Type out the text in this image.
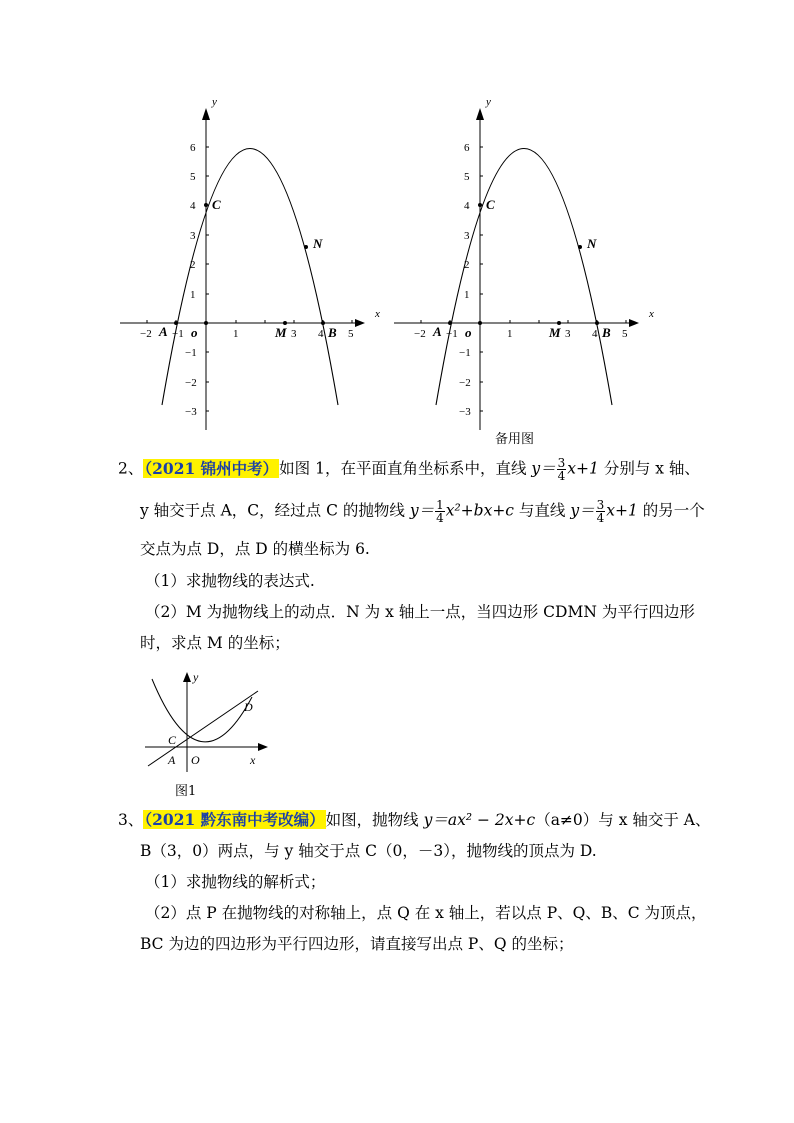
y
x
6
5
4
3
2
1
−1
−2
−3
−2 −1	1	3 4 5
o
C
A	M	B
N
y
x
6
5
4
3
2
1
−1
−2
−3
−2 −1	1	3 4 5
o
C
A	M	B
N
备用图
2、（2021 锦州中考）如图 1，在平面直角坐标系中，直线 $y= \frac{3}{4} x+1$ 分别与 x 轴、
y 轴交于点 A，C，经过点 C 的抛物线 $y= \frac{1}{4} x^2+bx+c$ 与直线 $y= \frac{3}{4} x+1$ 的另一个
交点为点 D，点 D 的横坐标为 6.
（1）求抛物线的表达式.
（2）M 为抛物线上的动点．N 为 x 轴上一点，当四边形 CDMN 为平行四边形
时，求点 M 的坐标；
y
x
C
D
A O
图1
3、（2021 黔东南中考改编）如图，抛物线 y＝ax² − 2x+c（a≠0）与 x 轴交于 A、
B（3，0）两点，与 y 轴交于点 C（0，－3），抛物线的顶点为 D.
（1）求抛物线的解析式；
（2）点 P 在抛物线的对称轴上，点 Q 在 x 轴上，若以点 P、Q、B、C 为顶点，
BC 为边的四边形为平行四边形，请直接写出点 P、Q 的坐标；
